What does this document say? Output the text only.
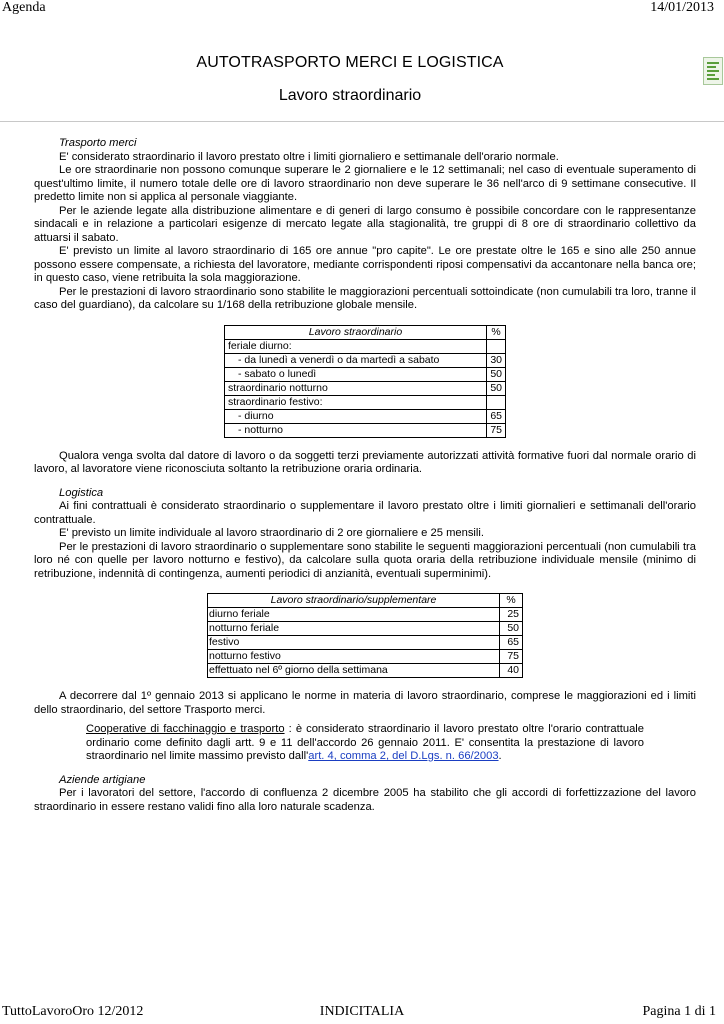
Agenda	14/01/2013
AUTOTRASPORTO MERCI E LOGISTICA
Lavoro straordinario

Trasporto merci

E' considerato straordinario il lavoro prestato oltre i limiti giornaliero e settimanale dell'orario normale.

Le ore straordinarie non possono comunque superare le 2 giornaliere e le 12 settimanali; nel caso di eventuale superamento di quest'ultimo limite, il numero totale delle ore di lavoro straordinario non deve superare le 36 nell'arco di 9 settimane consecutive. Il predetto limite non si applica al personale viaggiante.

Per le aziende legate alla distribuzione alimentare e di generi di largo consumo è possibile concordare con le rappresentanze sindacali e in relazione a particolari esigenze di mercato legate alla stagionalità, tre gruppi di 8 ore di straordinario collettivo da attuarsi il sabato.

E' previsto un limite al lavoro straordinario di 165 ore annue "pro capite". Le ore prestate oltre le 165 e sino alle 250 annue possono essere compensate, a richiesta del lavoratore, mediante corrispondenti riposi compensativi da accantonare nella banca ore; in questo caso, viene retribuita la sola maggiorazione.

Per le prestazioni di lavoro straordinario sono stabilite le maggiorazioni percentuali sottoindicate (non cumulabili tra loro, tranne il caso del guardiano), da calcolare su 1/168 della retribuzione globale mensile.

Lavoro straordinario	%
feriale diurno:	
- da lunedì a venerdì o da martedì a sabato	30
- sabato o lunedì	50
straordinario notturno	50
straordinario festivo:	
- diurno	65
- notturno	75

Qualora venga svolta dal datore di lavoro o da soggetti terzi previamente autorizzati attività formative fuori dal normale orario di lavoro, al lavoratore viene riconosciuta soltanto la retribuzione oraria ordinaria.

Logistica

Ai fini contrattuali è considerato straordinario o supplementare il lavoro prestato oltre i limiti giornalieri e settimanali dell'orario contrattuale.

E' previsto un limite individuale al lavoro straordinario di 2 ore giornaliere e 25 mensili.

Per le prestazioni di lavoro straordinario o supplementare sono stabilite le seguenti maggiorazioni percentuali (non cumulabili tra loro né con quelle per lavoro notturno e festivo), da calcolare sulla quota oraria della retribuzione individuale mensile (minimo di retribuzione, indennità di contingenza, aumenti periodici di anzianità, eventuali superminimi).

Lavoro straordinario/supplementare	%
diurno feriale	25
notturno feriale	50
festivo	65
notturno festivo	75
effettuato nel 6º giorno della settimana	40

A decorrere dal 1º gennaio 2013 si applicano le norme in materia di lavoro straordinario, comprese le maggiorazioni ed i limiti dello straordinario, del settore Trasporto merci.

Cooperative di facchinaggio e trasporto : è considerato straordinario il lavoro prestato oltre l'orario contrattuale ordinario come definito dagli artt. 9 e 11 dell'accordo 26 gennaio 2011. E' consentita la prestazione di lavoro straordinario nel limite massimo previsto dall'art. 4, comma 2, del D.Lgs. n. 66/2003.

Aziende artigiane

Per i lavoratori del settore, l'accordo di confluenza 2 dicembre 2005 ha stabilito che gli accordi di forfettizzazione del lavoro straordinario in essere restano validi fino alla loro naturale scadenza.

TuttoLavoroOro 12/2012	INDICITALIA	Pagina 1 di 1
